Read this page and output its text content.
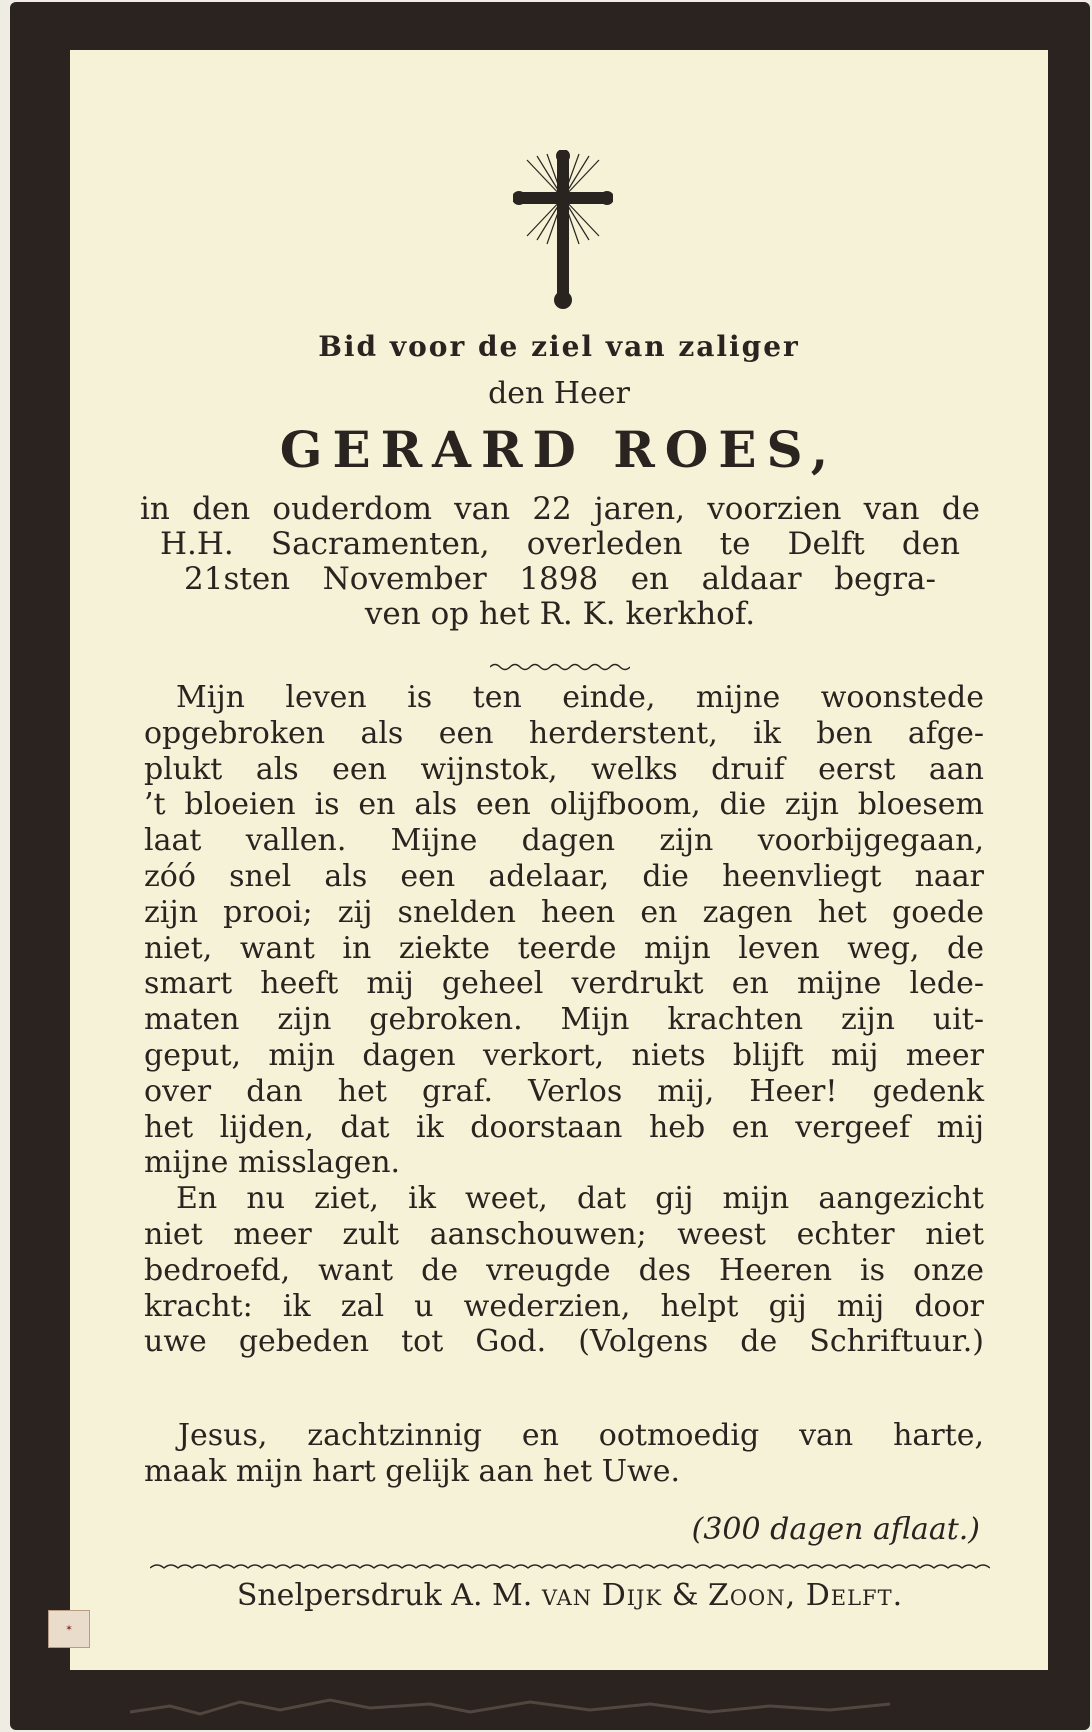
Bid voor de ziel van zaliger

den Heer

GERARD ROES,

in den ouderdom van 22 jaren, voorzien van de
H.H. Sacramenten, overleden te Delft den
21sten November 1898 en aldaar begra-
ven op het R. K. kerkhof.
Mijn leven is ten einde, mijne woonstede
opgebroken als een herderstent, ik ben afge-
plukt als een wijnstok, welks druif eerst aan
’t bloeien is en als een olijfboom, die zijn bloesem
laat vallen. Mijne dagen zijn voorbijgegaan,
zóó snel als een adelaar, die heenvliegt naar
zijn prooi; zij snelden heen en zagen het goede
niet, want in ziekte teerde mijn leven weg, de
smart heeft mij geheel verdrukt en mijne lede-
maten zijn gebroken. Mijn krachten zijn uit-
geput, mijn dagen verkort, niets blijft mij meer
over dan het graf. Verlos mij, Heer! gedenk
het lijden, dat ik doorstaan heb en vergeef mij
mijne misslagen.
En nu ziet, ik weet, dat gij mijn aangezicht
niet meer zult aanschouwen; weest echter niet
bedroefd, want de vreugde des Heeren is onze
kracht: ik zal u wederzien, helpt gij mij door
uwe gebeden tot God. (Volgens de Schriftuur.)
Jesus, zachtzinnig en ootmoedig van harte,
maak mijn hart gelijk aan het Uwe.
(300 dagen aflaat.)
Snelpersdruk A. M. van Dijk & Zoon, Delft.
✶
